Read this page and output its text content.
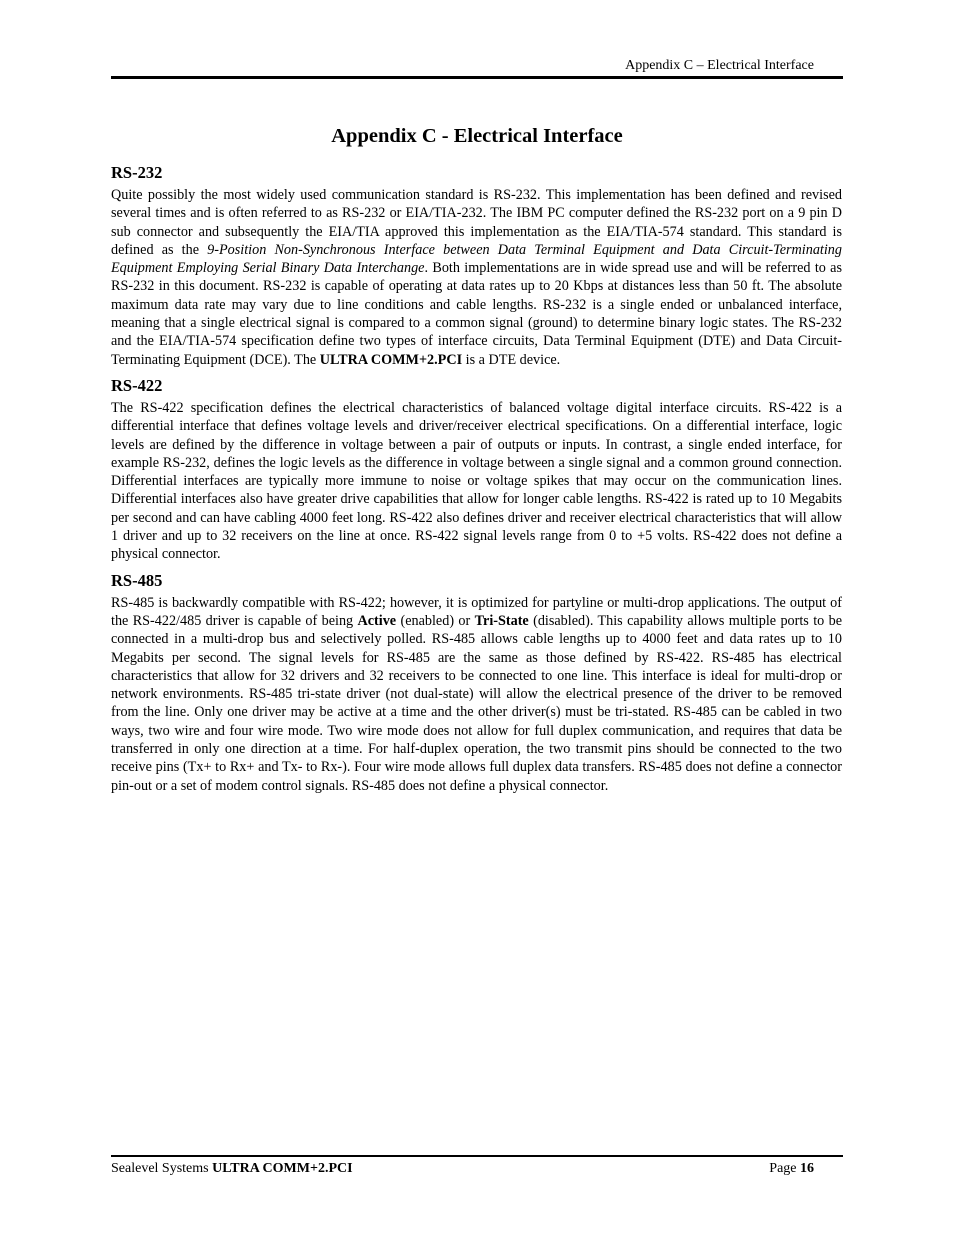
Appendix C – Electrical Interface
Appendix C - Electrical Interface
RS-232

Quite possibly the most widely used communication standard is RS-232. This implementation has been defined and revised several times and is often referred to as RS-232 or EIA/TIA-232. The IBM PC computer defined the RS-232 port on a 9 pin D sub connector and subsequently the EIA/TIA approved this implementation as the EIA/TIA-574 standard. This standard is defined as the 9-Position Non-Synchronous Interface between Data Terminal Equipment and Data Circuit-Terminating Equipment Employing Serial Binary Data Interchange. Both implementations are in wide spread use and will be referred to as RS-232 in this document. RS-232 is capable of operating at data rates up to 20 Kbps at distances less than 50 ft. The absolute maximum data rate may vary due to line conditions and cable lengths. RS-232 is a single ended or unbalanced interface, meaning that a single electrical signal is compared to a common signal (ground) to determine binary logic states. The RS-232 and the EIA/TIA-574 specification define two types of interface circuits, Data Terminal Equipment (DTE) and Data Circuit-Terminating Equipment (DCE). The ULTRA COMM+2.PCI is a DTE device.

RS-422

The RS-422 specification defines the electrical characteristics of balanced voltage digital interface circuits. RS-422 is a differential interface that defines voltage levels and driver/receiver electrical specifications. On a differential interface, logic levels are defined by the difference in voltage between a pair of outputs or inputs. In contrast, a single ended interface, for example RS-232, defines the logic levels as the difference in voltage between a single signal and a common ground connection. Differential interfaces are typically more immune to noise or voltage spikes that may occur on the communication lines. Differential interfaces also have greater drive capabilities that allow for longer cable lengths. RS-422 is rated up to 10 Megabits per second and can have cabling 4000 feet long. RS-422 also defines driver and receiver electrical characteristics that will allow 1 driver and up to 32 receivers on the line at once. RS-422 signal levels range from 0 to +5 volts. RS-422 does not define a physical connector.

RS-485

RS-485 is backwardly compatible with RS-422; however, it is optimized for partyline or multi-drop applications. The output of the RS-422/485 driver is capable of being Active (enabled) or Tri-State (disabled). This capability allows multiple ports to be connected in a multi-drop bus and selectively polled. RS-485 allows cable lengths up to 4000 feet and data rates up to 10 Megabits per second. The signal levels for RS-485 are the same as those defined by RS-422. RS-485 has electrical characteristics that allow for 32 drivers and 32 receivers to be connected to one line. This interface is ideal for multi-drop or network environments. RS-485 tri-state driver (not dual-state) will allow the electrical presence of the driver to be removed from the line. Only one driver may be active at a time and the other driver(s) must be tri-stated. RS-485 can be cabled in two ways, two wire and four wire mode. Two wire mode does not allow for full duplex communication, and requires that data be transferred in only one direction at a time. For half-duplex operation, the two transmit pins should be connected to the two receive pins (Tx+ to Rx+ and Tx- to Rx-). Four wire mode allows full duplex data transfers. RS-485 does not define a connector pin-out or a set of modem control signals. RS-485 does not define a physical connector.

Sealevel Systems ULTRA COMM+2.PCI	Page 16
